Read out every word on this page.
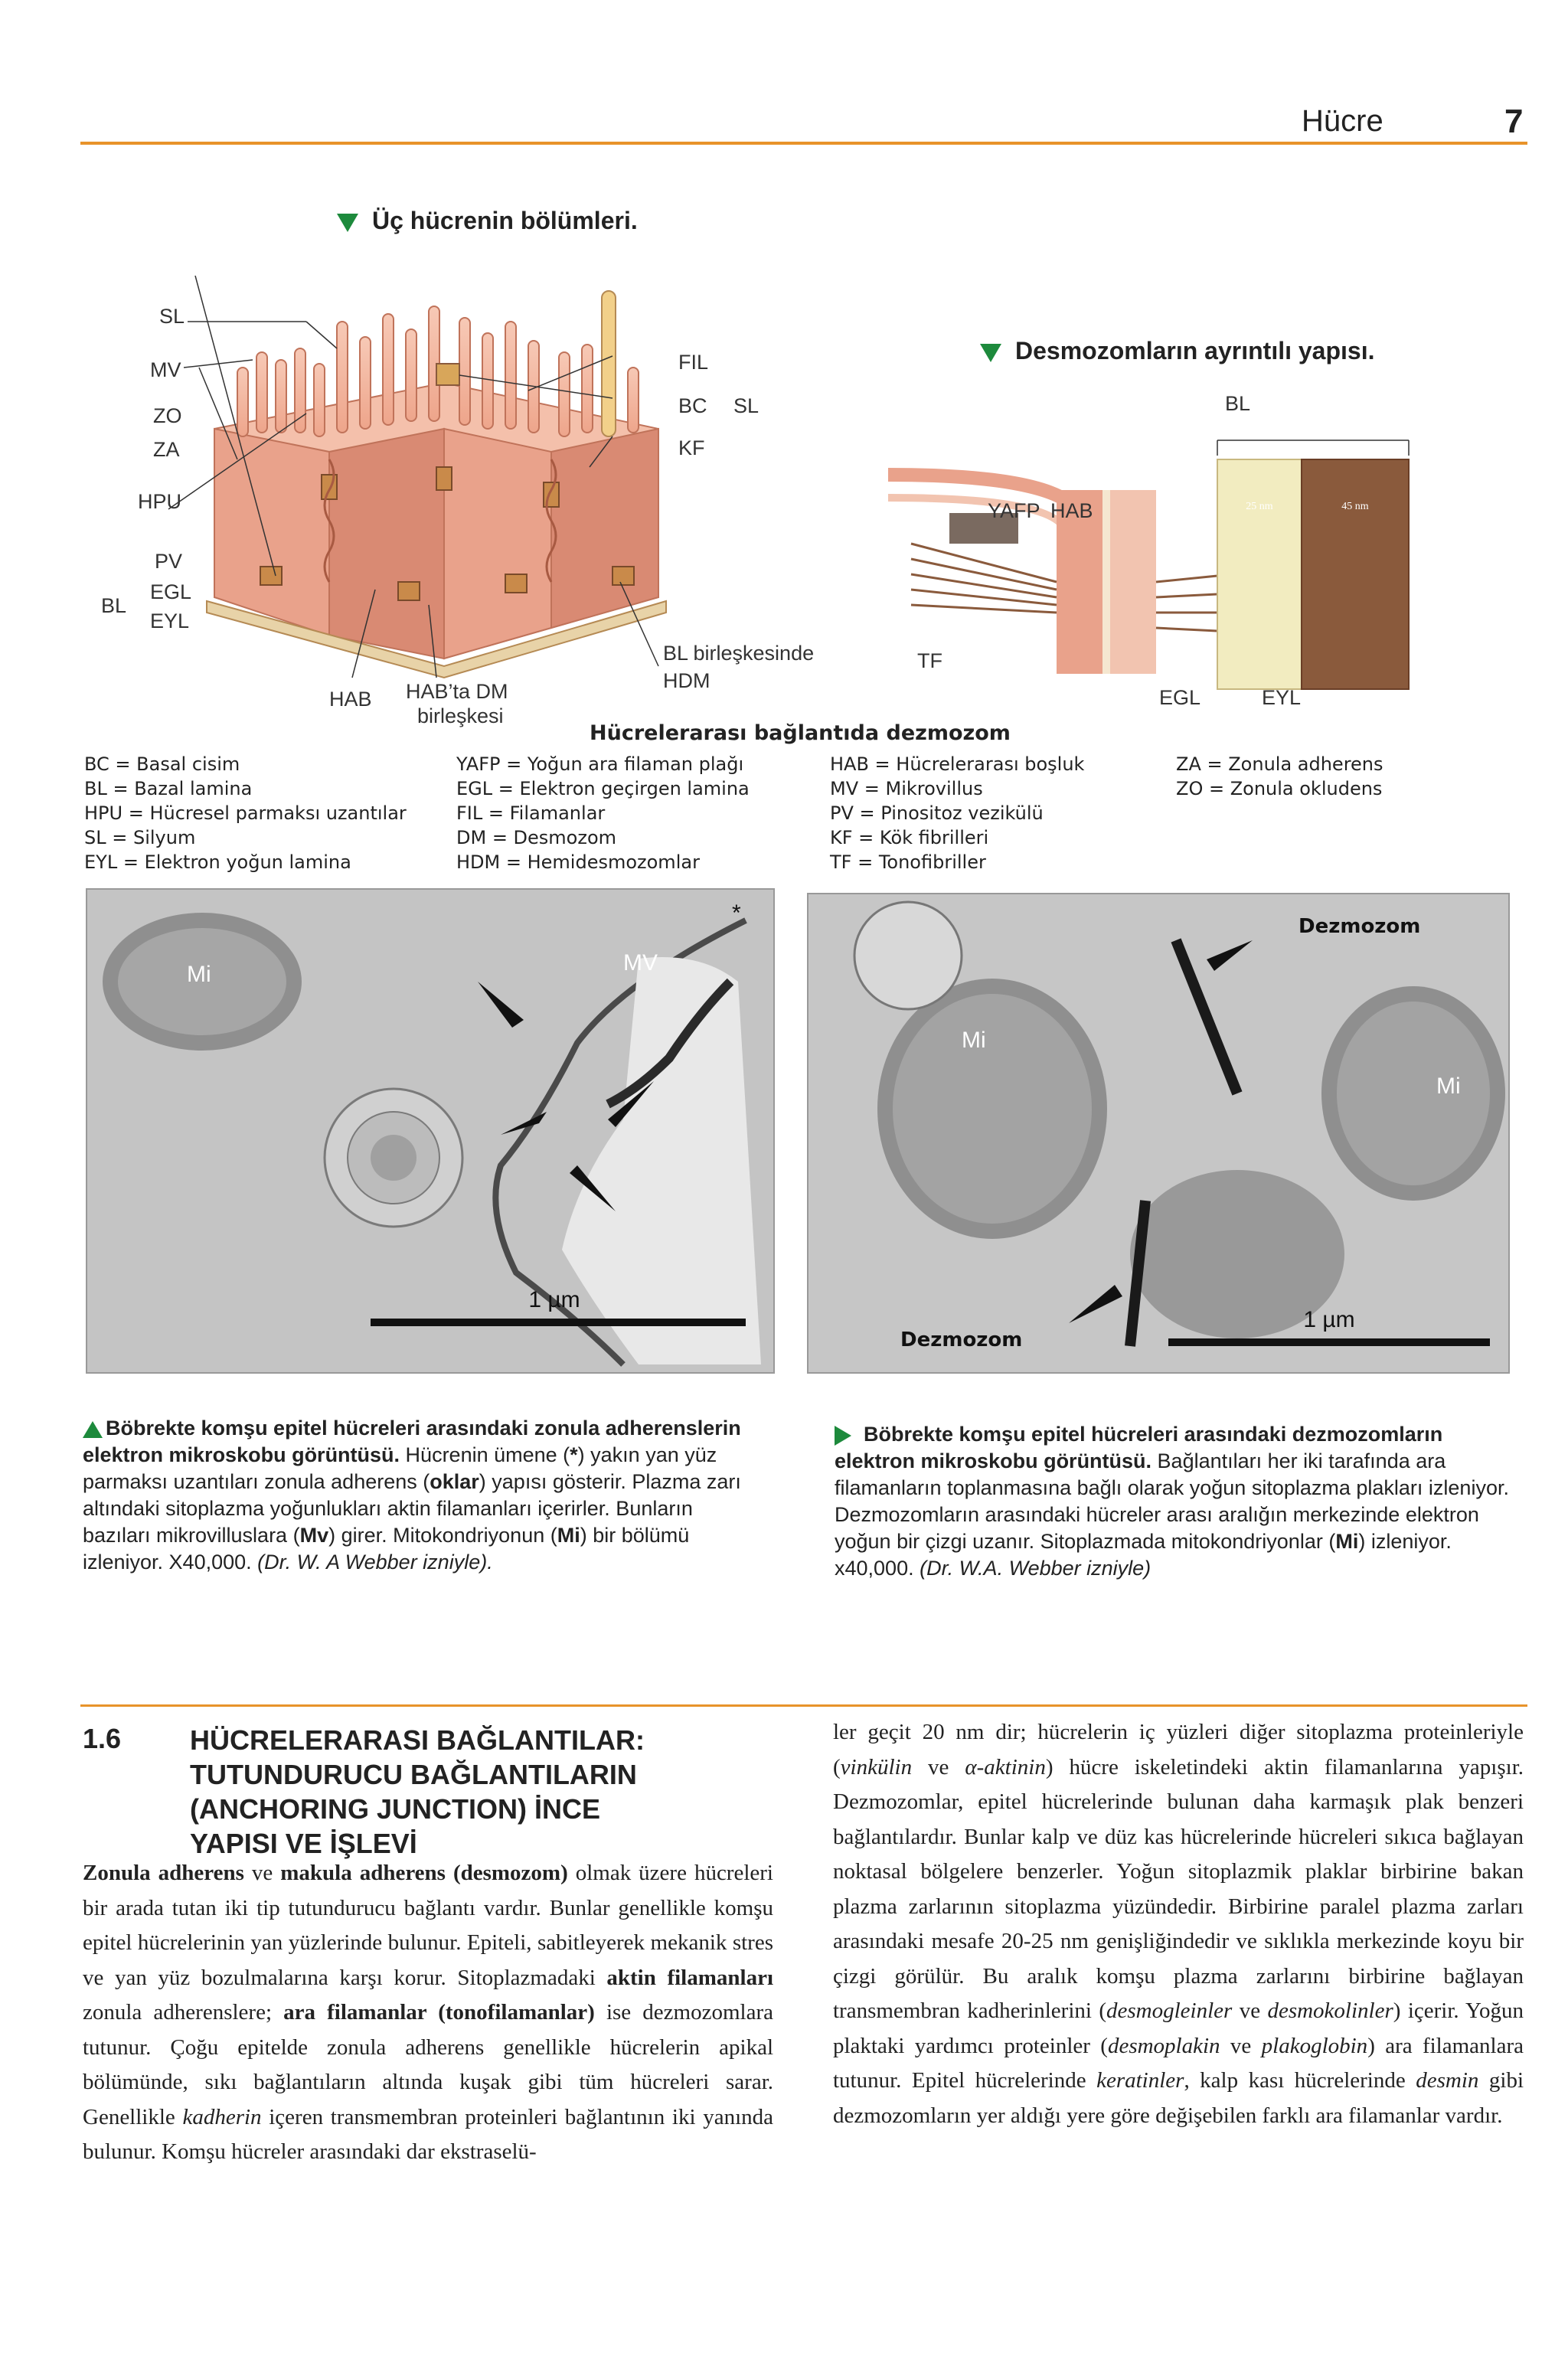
Hücre	7
Üç hücrenin bölümleri.
SL
MV
ZO
ZA
HPU
PV
BL
EGL
EYL
FIL
BC
KF
SL
HAB HAB’ta DM
birleşkesi
BL birleşkesinde
HDM
Desmozomların ayrıntılı yapısı.
25 nm	45 nm
BL
YAFP HAB
TF
EGL	EYL
Hücrelerarası bağlantıda dezmozom
BC = Basal cisim
BL = Bazal lamina
HPU = Hücresel parmaksı uzantılar
SL = Silyum
EYL = Elektron yoğun lamina
YAFP = Yoğun ara filaman plağı
EGL = Elektron geçirgen lamina
FIL = Filamanlar
DM = Desmozom
HDM = Hemidesmozomlar
HAB = Hücrelerarası boşluk
MV = Mikrovillus
PV = Pinositoz vezikülü
KF = Kök fibrilleri
TF = Tonofibriller
ZA = Zonula adherens
ZO = Zonula okludens
1 µm
Mi	MV
*
1 µm
Dezmozom
Dezmozom
Mi
Mi
Böbrekte komşu epitel hücreleri arasındaki zonula adherenslerin elektron mikroskobu görüntüsü. Hücrenin ümene (*) yakın yan yüz parmaksı uzantıları zonula adherens (oklar) yapısı gösterir. Plazma zarı altındaki sitoplazma yoğunlukları aktin filamanları içerirler. Bunların bazıları mikrovilluslara (Mv) girer. Mitokondriyonun (Mi) bir bölümü izleniyor. X40,000. (Dr. W. A Webber izniyle).
Böbrekte komşu epitel hücreleri arasındaki dezmozomların elektron mikroskobu görüntüsü. Bağlantıları her iki tarafında ara filamanların toplanmasına bağlı olarak yoğun sitoplazma plakları izleniyor. Dezmozomların arasındaki hücreler arası aralığın merkezinde elektron yoğun bir çizgi uzanır. Sitoplazmada mitokondriyonlar (Mi) izleniyor. x40,000. (Dr. W.A. Webber izniyle)
1.6 HÜCRELERARASI BAĞLANTILAR:
TUTUNDURUCU BAĞLANTILARIN
(ANCHORING JUNCTION) İNCE
YAPISI VE İŞLEVİ

Zonula adherens ve makula adherens (desmozom) olmak üzere hücreleri bir arada tutan iki tip tutundurucu bağlantı vardır. Bunlar genellikle komşu epitel hücrelerinin yan yüzlerinde bulunur. Epiteli, sabitleyerek mekanik stres ve yan yüz bozulmalarına karşı korur. Sitoplazmadaki aktin filamanları zonula adherenslere; ara filamanlar (tonofilamanlar) ise dezmozomlara tutunur. Çoğu epitelde zonula adherens genellikle hücrelerin apikal bölümünde, sıkı bağlantıların altında kuşak gibi tüm hücreleri sarar. Genellikle kadherin içeren transmembran proteinleri bağlantının iki yanında bulunur. Komşu hücreler arasındaki dar ekstraselü-

ler geçit 20 nm dir; hücrelerin iç yüzleri diğer sitoplazma proteinleriyle (vinkülin ve α-aktinin) hücre iskeletindeki aktin filamanlarına yapışır. Dezmozomlar, epitel hücrelerinde bulunan daha karmaşık plak benzeri bağlantılardır. Bunlar kalp ve düz kas hücrelerinde hücreleri sıkıca bağlayan noktasal bölgelere benzerler. Yoğun sitoplazmik plaklar birbirine bakan plazma zarlarının sitoplazma yüzündedir. Birbirine paralel plazma zarları arasındaki mesafe 20-25 nm genişliğindedir ve sıklıkla merkezinde koyu bir çizgi görülür. Bu aralık komşu plazma zarlarını birbirine bağlayan transmembran kadherinlerini (desmogleinler ve desmokolinler) içerir. Yoğun plaktaki yardımcı proteinler (desmoplakin ve plakoglobin) ara filamanlara tutunur. Epitel hücrelerinde keratinler, kalp kası hücrelerinde desmin gibi dezmozomların yer aldığı yere göre değişebilen farklı ara filamanlar vardır.
